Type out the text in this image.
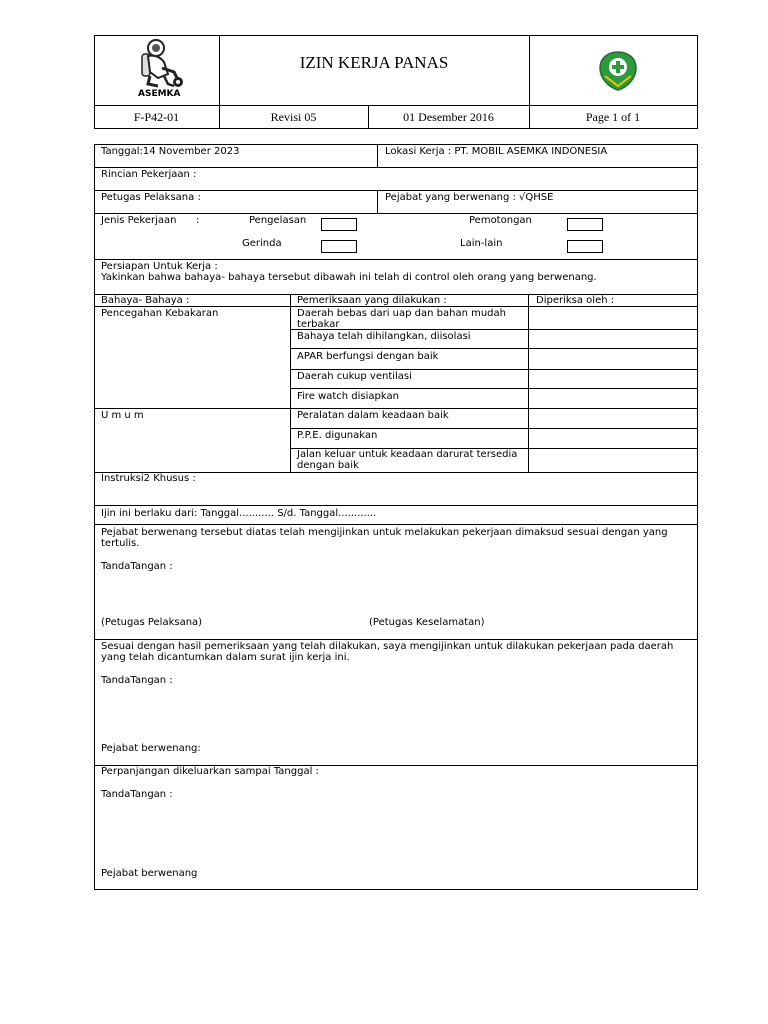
ASEMKA
IZIN KERJA PANAS
F-P42-01	Revisi 05	01 Desember 2016	Page 1 of 1
Tanggal:14 November 2023	Lokasi Kerja : PT. MOBIL ASEMKA INDONESIA
Rincian Pekerjaan :
Petugas Pelaksana :	Pejabat yang berwenang : √QHSE
Jenis Pekerjaan :	Pengelasan	Pemotongan
Gerinda	Lain-lain
Persiapan Untuk Kerja :
Yakinkan bahwa bahaya- bahaya tersebut dibawah ini telah di control oleh orang yang berwenang.
Bahaya- Bahaya :	Pemeriksaan yang dilakukan :	Diperiksa oleh :
Pencegahan Kebakaran	Daerah bebas dari uap dan bahan mudah terbakar
Bahaya telah dihilangkan, diisolasi
APAR berfungsi dengan baik
Daerah cukup ventilasi
Fire watch disiapkan
U m u m	Peralatan dalam keadaan baik
P.P.E. digunakan
Jalan keluar untuk keadaan darurat tersedia dengan baik
Instruksi2 Khusus :
Ijin ini berlaku dari: Tanggal........... S/d. Tanggal............
Pejabat berwenang tersebut diatas telah mengijinkan untuk melakukan pekerjaan dimaksud sesuai dengan yang tertulis.
TandaTangan :
(Petugas Pelaksana)	(Petugas Keselamatan)
Sesuai dengan hasil pemeriksaan yang telah dilakukan, saya mengijinkan untuk dilakukan pekerjaan pada daerah yang telah dicantumkan dalam surat ijin kerja ini.
TandaTangan :
Pejabat berwenang:
Perpanjangan dikeluarkan sampai Tanggal :
TandaTangan :
Pejabat berwenang
